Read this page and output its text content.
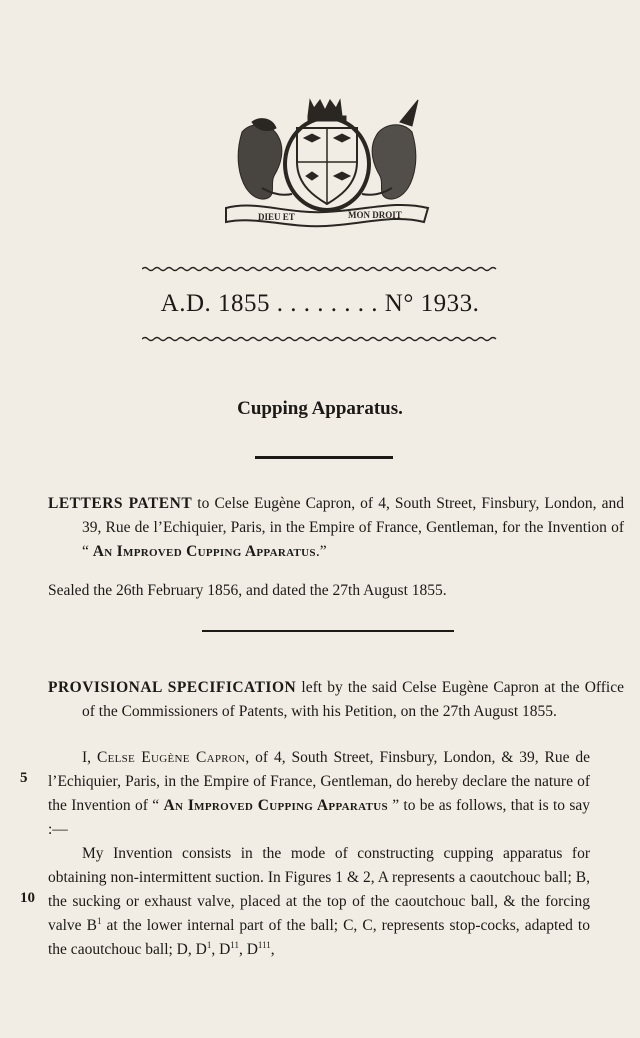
DIEU ET	MON DROIT
A.D. 1855 . . . . . . . . N° 1933.
Cupping Apparatus.

LETTERS PATENT to Celse Eugène Capron, of 4, South Street, Finsbury, London, and 39, Rue de l’Echiquier, Paris, in the Empire of France, Gentleman, for the Invention of “ An Improved Cupping Apparatus.”

Sealed the 26th February 1856, and dated the 27th August 1855.

PROVISIONAL SPECIFICATION left by the said Celse Eugène Capron at the Office of the Commissioners of Patents, with his Petition, on the 27th August 1855.

I, Celse Eugène Capron, of 4, South Street, Finsbury, London, & 39, Rue de l’Echiquier, Paris, in the Empire of France, Gentleman, do hereby declare the nature of the Invention of “ An Improved Cupping Apparatus ” to be as follows, that is to say :—

My Invention consists in the mode of constructing cupping apparatus for obtaining non-intermittent suction. In Figures 1 & 2, A represents a caoutchouc ball; B, the sucking or exhaust valve, placed at the top of the caoutchouc ball, & the forcing valve $B^1$ at the lower internal part of the ball; C, C, represents stop-cocks, adapted to the caoutchouc ball; D, $D^1$, $D^{11}$, $D^{111}$,

5
10
